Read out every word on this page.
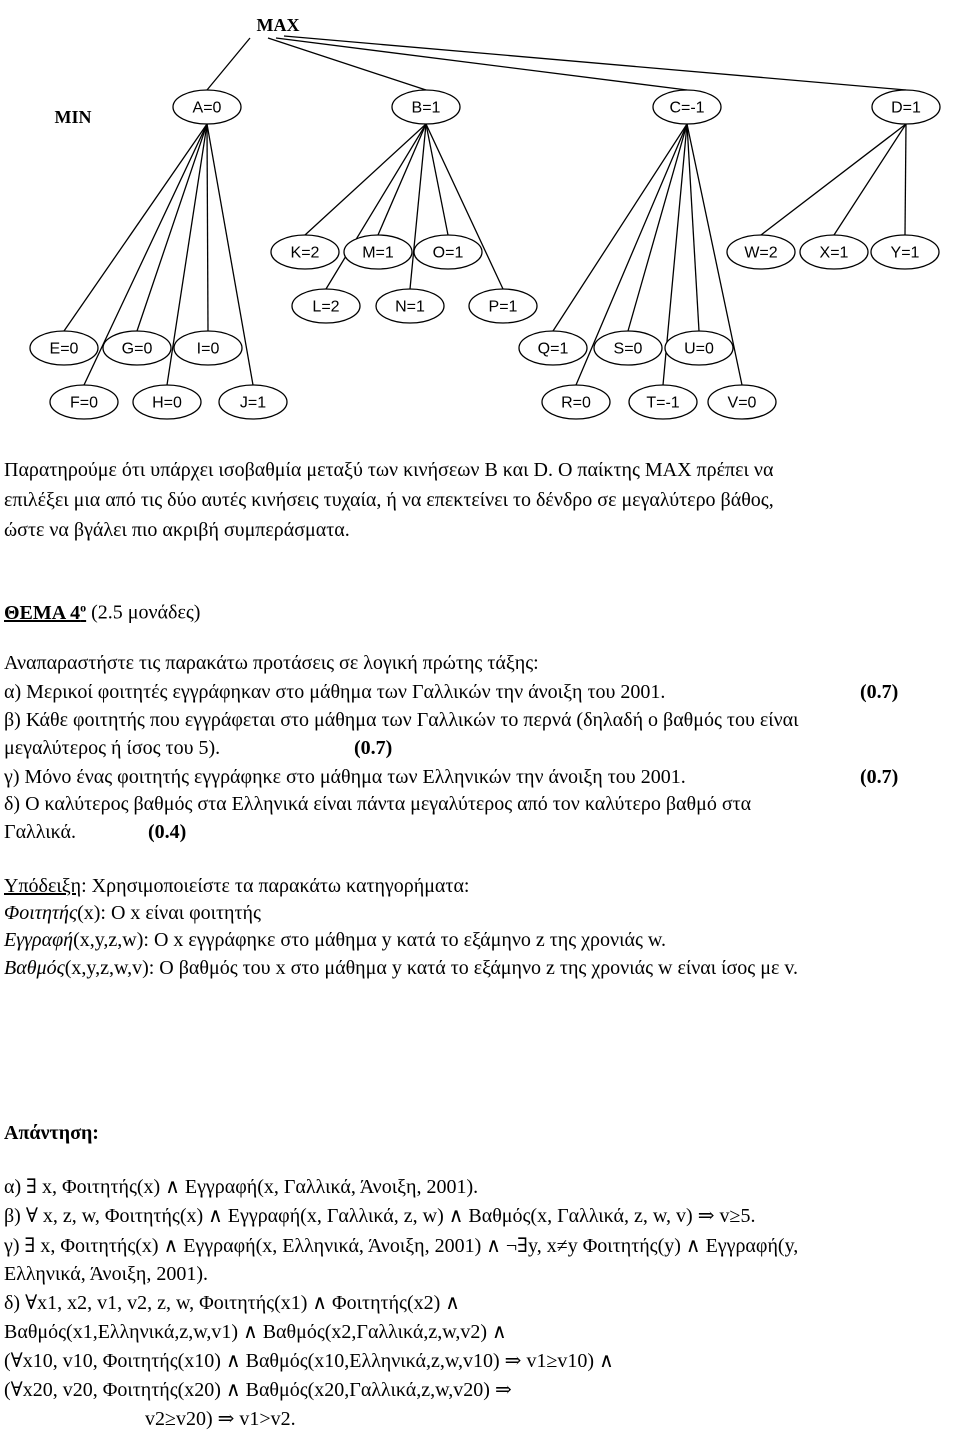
MAX
MIN	A=0	B=1	C=-1	D=1
K=2	M=1 O=1	W=2	X=1	Y=1
L=2	N=1	P=1
E=0	G=0	I=0	Q=1	S=0	U=0
F=0	H=0	J=1	R=0	T=-1	V=0
Παρατηρούμε ότι υπάρχει ισοβαθμία μεταξύ των κινήσεων B και D. Ο παίκτης MAX πρέπει να
επιλέξει μια από τις δύο αυτές κινήσεις τυχαία, ή να επεκτείνει το δένδρο σε μεγαλύτερο βάθος,
ώστε να βγάλει πιο ακριβή συμπεράσματα.
ΘΕΜΑ $4^o$ (2.5 μονάδες)
Αναπαραστήστε τις παρακάτω προτάσεις σε λογική πρώτης τάξης:
α) Μερικοί φοιτητές εγγράφηκαν στο μάθημα των Γαλλικών την άνοιξη του 2001.	(0.7)
β) Κάθε φοιτητής που εγγράφεται στο μάθημα των Γαλλικών το περνά (δηλαδή ο βαθμός του είναι
μεγαλύτερος ή ίσος του 5).	(0.7)
γ) Μόνο ένας φοιτητής εγγράφηκε στο μάθημα των Ελληνικών την άνοιξη του 2001.	(0.7)
δ) Ο καλύτερος βαθμός στα Ελληνικά είναι πάντα μεγαλύτερος από τον καλύτερο βαθμό στα
Γαλλικά.	(0.4)
Υπόδειξη: Χρησιμοποιείστε τα παρακάτω κατηγορήματα:
Φοιτητής(x): Ο x είναι φοιτητής
Εγγραφή(x,y,z,w): Ο x εγγράφηκε στο μάθημα y κατά το εξάμηνο z της χρονιάς w.
Βαθμός(x,y,z,w,v): Ο βαθμός του x στο μάθημα y κατά το εξάμηνο z της χρονιάς w είναι ίσος με v.
Απάντηση:
α) ∃ x, Φοιτητής(x) ∧ Εγγραφή(x, Γαλλικά, Άνοιξη, 2001).
β) ∀ x, z, w, Φοιτητής(x) ∧ Εγγραφή(x, Γαλλικά, z, w) ∧ Βαθμός(x, Γαλλικά, z, w, v) ⇒ v≥5.
γ) ∃ x, Φοιτητής(x) ∧ Εγγραφή(x, Ελληνικά, Άνοιξη, 2001) ∧ ¬∃y, x≠y Φοιτητής(y) ∧ Εγγραφή(y,
Ελληνικά, Άνοιξη, 2001).
δ) ∀x1, x2, v1, v2, z, w, Φοιτητής(x1) ∧ Φοιτητής(x2) ∧
Βαθμός(x1,Ελληνικά,z,w,v1) ∧ Βαθμός(x2,Γαλλικά,z,w,v2) ∧
(∀x10, v10, Φοιτητής(x10) ∧ Βαθμός(x10,Ελληνικά,z,w,v10) ⇒ v1≥v10) ∧
(∀x20, v20, Φοιτητής(x20) ∧ Βαθμός(x20,Γαλλικά,z,w,v20) ⇒
v2≥v20) ⇒ v1>v2.
